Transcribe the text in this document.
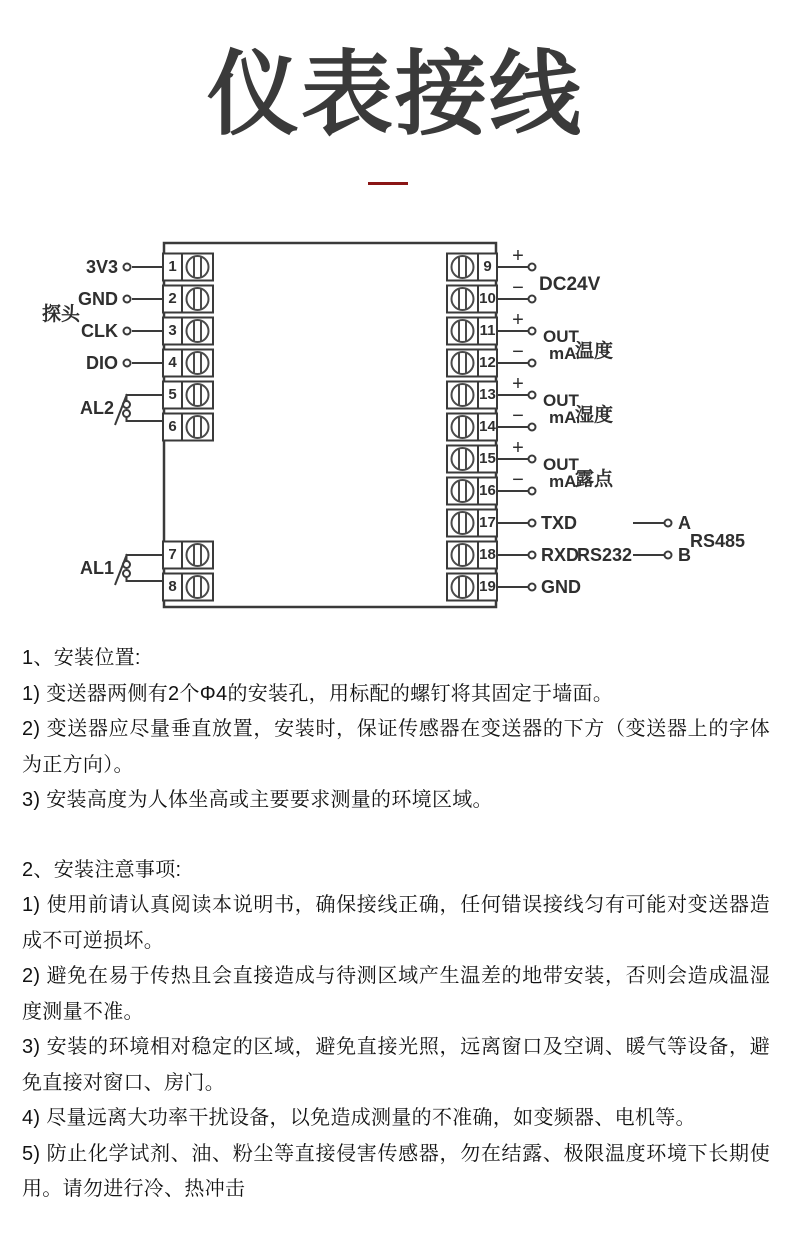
仪表接线
1
2
3
4
5
6
7
8
9
10
11
12
13
14
15
16
17
18
19
3V3
GND
CLK
DIO
探头
AL2
AL1
+
−
+
−
+
−
+
−
DC24V
OUT
mA
温度
OUT
mA
湿度
OUT
mA
露点
TXD
RXD
RS232
GND
A
B
RS485

1、安装位置:

1) 变送器两侧有2个Φ4的安装孔，用标配的螺钉将其固定于墙面。

2) 变送器应尽量垂直放置，安装时，保证传感器在变送器的下方（变送器上的字体为正方向）。

3) 安装高度为人体坐高或主要要求测量的环境区域。

2、安装注意事项:

1) 使用前请认真阅读本说明书，确保接线正确，任何错误接线匀有可能对变送器造成不可逆损坏。

2) 避免在易于传热且会直接造成与待测区域产生温差的地带安装，否则会造成温湿度测量不准。

3) 安装的环境相对稳定的区域，避免直接光照，远离窗口及空调、暖气等设备，避免直接对窗口、房门。

4) 尽量远离大功率干扰设备，以免造成测量的不准确，如变频器、电机等。

5) 防止化学试剂、油、粉尘等直接侵害传感器，勿在结露、极限温度环境下长期使用。请勿进行冷、热冲击
